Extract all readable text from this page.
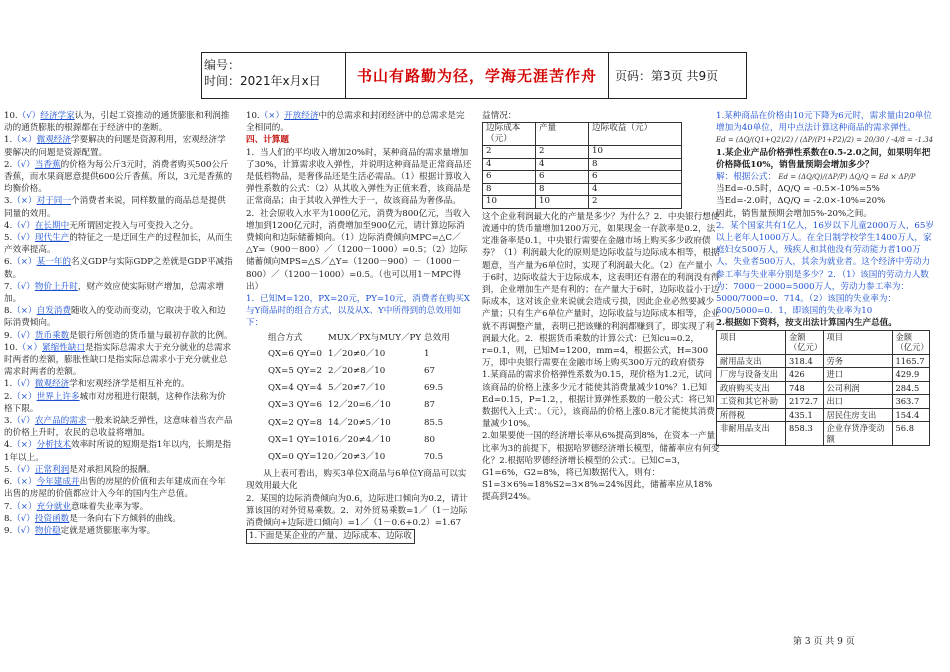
编号：
时间：2021年x月x日	书山有路勤为径，学海无涯苦作舟	页码：第3页 共9页

10.（√）经济学家认为，引起工资推动的通货膨胀和利润推动的通货膨胀的根源都在于经济中的垄断。

1.（×）微观经济学要解决的问题是资源利用，宏观经济学要解决的问题是资源配置。

2.（√）当香蕉的价格为每公斤3元时，消费者购买500公斤香蕉，而水果商愿意提供600公斤香蕉。所以，3元是香蕉的均衡价格。

3.（×）对于同一个消费者来说，同样数量的商品总是提供同量的效用。

4.（√）在长期中无所谓固定投入与可变投入之分。

5.（√）现代生产的特征之一是迂回生产的过程加长，从而生产效率提高。

6.（×）某一年的名义GDP与实际GDP之差就是GDP平减指数。

7.（√）物价上升时，财产效应使实际财产增加，总需求增加。

8.（×）自发消费随收入的变动而变动，它取决于收入和边际消费倾向。

9.（√）货币乘数是银行所创造的货币量与最初存款的比例。

10.（×）紧缩性缺口是指实际总需求大于充分就业的总需求时两者的差额，膨胀性缺口是指实际总需求小于充分就业总需求时两者的差额。

1.（√）微观经济学和宏观经济学是相互补充的。

2.（×）世界上许多城市对房租进行限制，这种作法称为价格下限。

3.（√）农产品的需求一般来说缺乏弹性，这意味着当农产品的价格上升时，农民的总收益将增加。

4.（×）分析技术效率时所说的短期是指1年以内，长期是指1年以上。

5.（√）正常利润是对承担风险的报酬。

6.（×）今年建成并出售的房屋的价值和去年建成而在今年出售的房屋的价值都应计入今年的国内生产总值。

7.（×）充分就业意味着失业率为零。

8.（√）投资函数是一条向右下方倾斜的曲线。

9.（√）物价稳定就是通货膨胀率为零。

10.（×）开放经济中的总需求和封闭经济中的总需求是完全相同的。

四、计算题

1．当人们的平均收入增加20%时，某种商品的需求量增加了30%，计算需求收入弹性，并说明这种商品是正常商品还是低档物品，是奢侈品还是生活必需品。（1）根据计算收入弹性系数的公式：（2）从其收入弹性为正值来看，该商品是正常商品；由于其收入弹性大于一，故该商品为奢侈品。

2．社会原收入水平为1000亿元，消费为800亿元，当收入增加到1200亿元时，消费增加至900亿元，请计算边际消费倾向和边际储蓄倾向。（1）边际消费倾向MPC=△C／△Y=（900－800）／（1200－1000）=0.5；（2）边际储蓄倾向MPS=△S／△Y=（1200－900）－（1000－800）／（1200－1000）=0.5。（也可以用1－MPC得出）

1．已知M=120，PX=20元，PY=10元，消费者在购买X与Y商品时的组合方式，以及从X、Y中所得到的总效用如下：

组合方式	MUX／PX与MUY／PY 总效用
QX=6 QY=0 1／20≠0／10	1
QX=5 QY=2 2／20≠8／10	67
QX=4 QY=4 5／20≠7／10	69.5
QX=3 QY=6 12／20=6／10	87
QX=2 QY=8 14／20≠5／10	85.5
QX=1 QY=10 16／20≠4／10	80
QX=0 QY=12 0／20≠3／10	70.5

从上表可看出，购买3单位X商品与6单位Y商品可以实现效用最大化

2．某国的边际消费倾向为0.6，边际进口倾向为0.2，请计算该国的对外贸易乘数。2．对外贸易乘数=1／（1－边际消费倾向+边际进口倾向）=1／（1－0.6+0.2）=1.67

1.下面是某企业的产量、边际成本、边际收

益情况：

边际成本（元）	产量	边际收益（元）
2	2	10
4	4	8
6	6	6
8	8	4
10	10	2

这个企业利润最大化的产量是多少？为什么？2．中央银行想使流通中的货币量增加1200万元，如果现金一存款率是0.2，法定准备率是0.1，中央银行需要在金融市场上购买多少政府债券？（1）利润最大化的原则是边际收益与边际成本相等，根据题意，当产量为6单位时，实现了利润最大化。（2）在产量小于6时，边际收益大于边际成本，这表明还有潜在的利润没有得到，企业增加生产是有利的；在产量大于6时，边际收益小于边际成本，这对该企业来说就会造成亏损，因此企业必然要减少产量；只有生产6单位产量时，边际收益与边际成本相等，企业就不再调整产量，表明已把该赚的利润都赚到了，即实现了利润最大化。2．根据货币乘数的计算公式：已知cu=0.2，r=0.1，则，已知M=1200，mm=4，根据公式，H=300万，即中央银行需要在金融市场上购买300万元的政府债券

1.某商品的需求价格弹性系数为0.15，现价格为1.2元，试问该商品的价格上涨多少元才能使其消费量减少10%？1.已知Ed=0.15，P=1.2，，根据计算弹性系数的一般公式：将已知数据代入上式：。（元），该商品的价格上涨0.8元才能使其消费量减少10%。

2.如果要使一国的经济增长率从6%提高到8%，在资本一产量比率为3的前提下，根据哈罗德经济增长模型，储蓄率应有何变化？2.根据哈罗德经济增长模型的公式：。已知C=3，G1=6%，G2=8%，将已知数据代入，则有：S1=3×6%=18%S2=3×8%=24%因此，储蓄率应从18%提高到24%。

1.某种商品在价格由10元下降为6元时，需求量由20单位增加为40单位，用中点法计算这种商品的需求弹性。

Ed = (ΔQ/(Q1+Q2)/2) / (ΔP/(P1+P2)/2) = 20/30 / -4/8 = -1.34

1.某企业产品价格弹性系数在0.5-2.0之间，如果明年把价格降低10%，销售量预期会增加多少？

解：根据公式： Ed = (ΔQ/Q)/(ΔP/P) ΔQ/Q = Ed × ΔP/P

当Ed=-0.5时，ΔQ/Q = -0.5×-10%=5%

当Ed=-2.0时，ΔQ/Q = -2.0×-10%=20%

因此，销售量预期会增加5%-20%之间。

2．某个国家共有1亿人，16岁以下儿童2000万人，65岁以上老年人1000万人。在全日制学校学生1400万人，家庭妇女500万人，残疾人和其他没有劳动能力者100万人，失业者500万人，其余为就业者。这个经济中劳动力参工率与失业率分别是多少？2．（1）该国的劳动力人数为：7000－2000=5000万人，劳动力参工率为：5000/7000=0．714。（2）该国的失业率为：500/5000=0．1，即该国的失业率为10

2.根据如下资料，按支出法计算国内生产总值。

项目	金额（亿元）	项目	金额（亿元）
耐用品支出	318.4	劳务	1165.7
厂房与设备支出	426	进口	429.9
政府购买支出	748	公司利润	284.5
工资和其它补助	2172.7	出口	363.7
所得税	435.1	居民住房支出	154.4
非耐用品支出	858.3	企业存货净变动额	56.8
第 3 页 共 9 页
